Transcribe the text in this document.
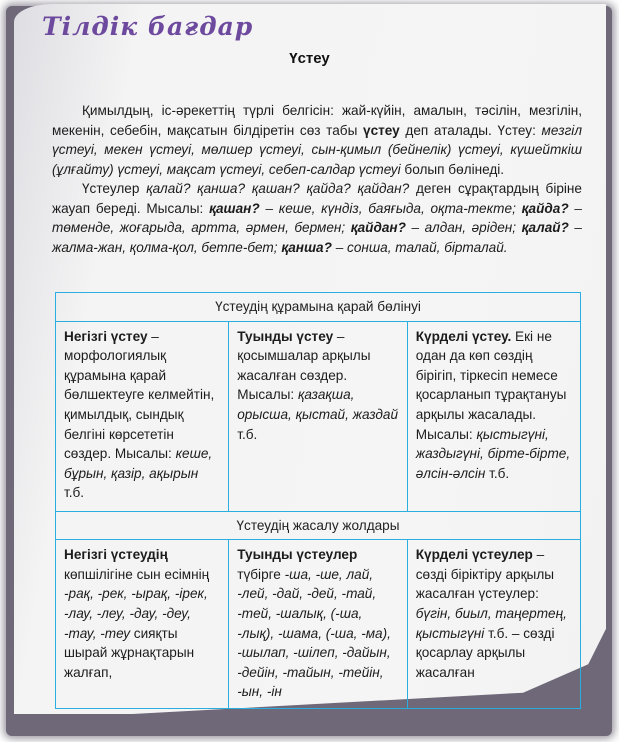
Тілдік бағдар
Үстеу

Қимылдың, іс-әрекеттің түрлі белгісін: жай-күйін, амалын, тәсілін, мезгілін, мекенін, себебін, мақсатын білдіретін сөз табы үстеу деп аталады. Үстеу: мезгіл үстеуі, мекен үстеуі, мөлшер үстеуі, сын-қимыл (бейнелік) үстеуі, күшейткіш (ұлғайту) үстеуі, мақсат үстеуі, себеп-салдар үстеуі болып бөлінеді.

Үстеулер қалай? қанша? қашан? қайда? қайдан? деген сұрақтардың біріне жауап береді. Мысалы: қашан? – кеше, күндіз, баяғыда, оқта-текте; қайда? – төменде, жоғарыда, артта, әрмен, бермен; қайдан? – алдан, әріден; қалай? – жалма-жан, қолма-қол, бетпе-бет; қанша? – сонша, талай, бірталай.

Үстеудің құрамына қарай бөлінуі		
Негізгі үстеу – морфологиялық құрамына қарай бөлшектеуге келмейтін, қимылдық, сындық белгіні көрсететін сөздер. Мысалы: кеше, бұрын, қазір, ақырын т.б.	Туынды үстеу – қосымшалар арқылы жасалған сөздер. Мысалы: қазақша, орысша, қыстай, жаздай т.б.	Күрделі үстеу. Екі не одан да көп сөздің бірігіп, тіркесіп немесе қосарланып тұрақтануы арқылы жасалады. Мысалы: қыстыгүні, жаздыгүні, бірте-бірте, әлсін-әлсін т.б.
Үстеудің жасалу жолдары		
Негізгі үстеудің көпшілігіне сын есімнің -рақ, -рек, -ырақ, -ірек, -лау, -леу, -дау, -деу, -тау, -теу сияқты шырай жұрнақтарын жалғап,	Туынды үстеулер түбірге -ша, -ше, лай, -лей, -дай, -дей, -тай, -тей, -шалық, (-ша, -лық), -шама, (-ша, -ма), -шылап, -шілеп, -дайын, -дейін, -тайын, -тейін, -ын, -ін	Күрделі үстеулер – сөзді біріктіру арқылы жасалған үстеулер: бүгін, биыл, таңертең, қыстыгүні т.б. – сөзді қосарлау арқылы жасалған
